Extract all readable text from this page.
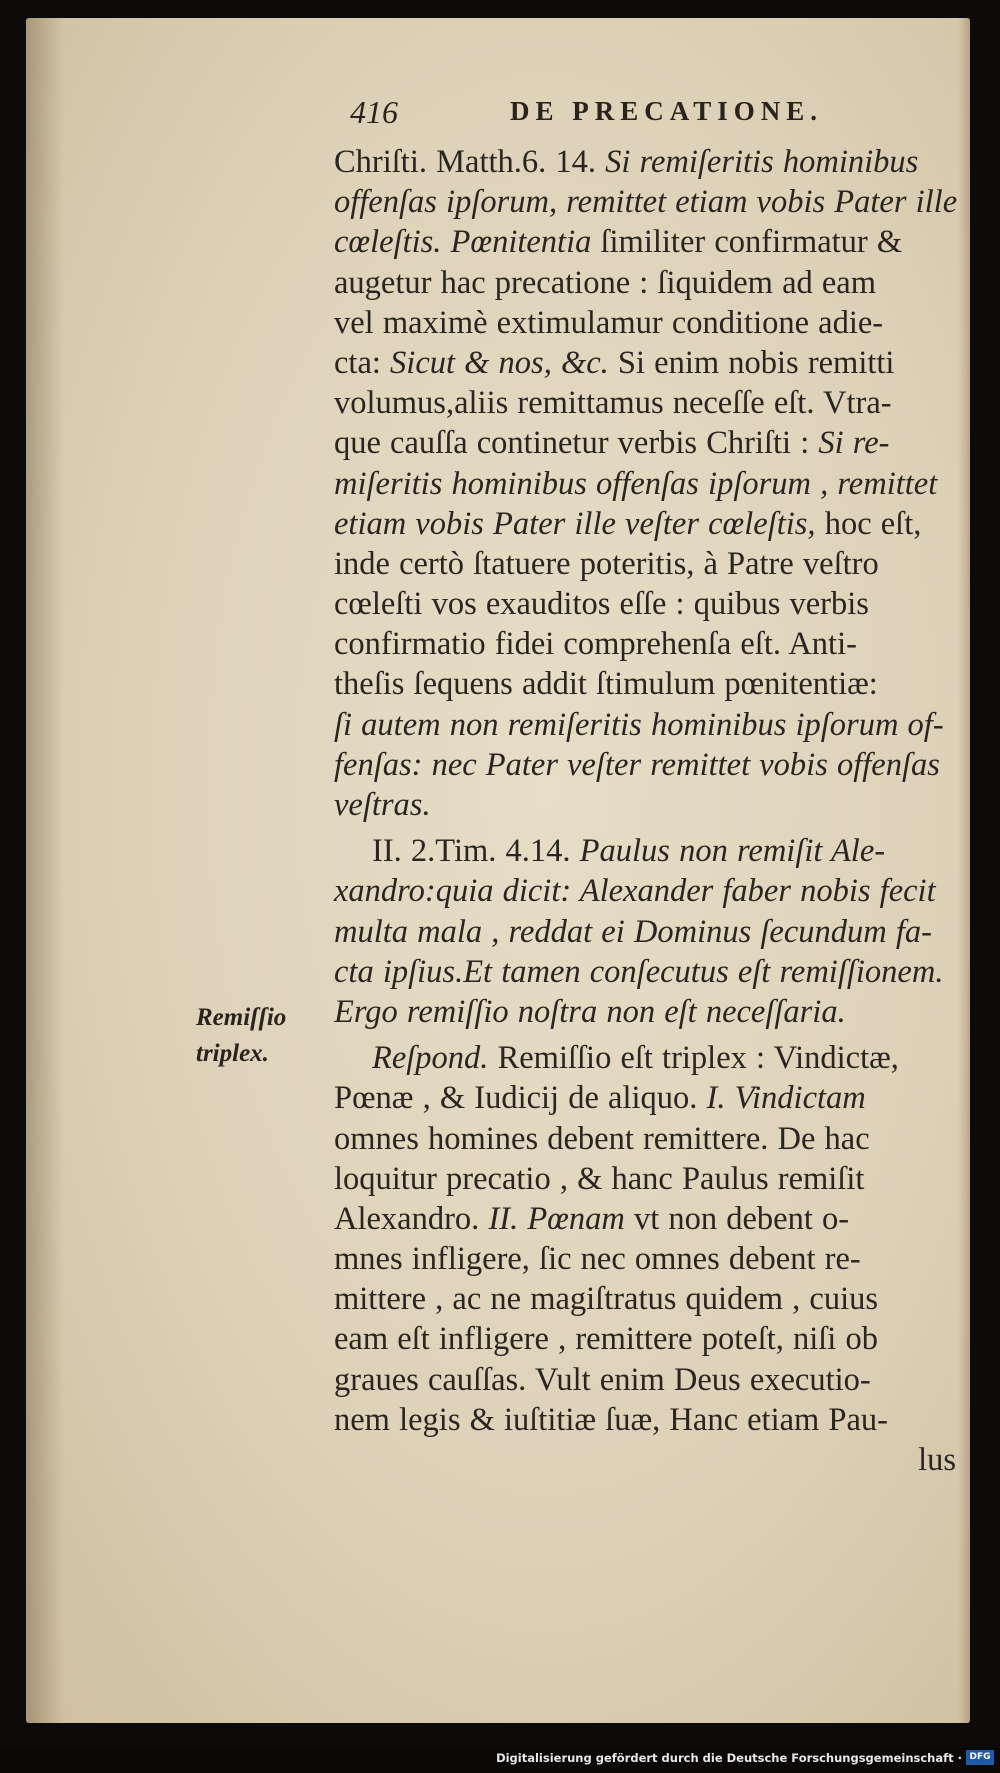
416	DE PRECATIONE.
Remiſſio
triplex.
Chriſti. Matth.6. 14. Si remiſeritis hominibus
offenſas ipſorum, remittet etiam vobis Pater ille
cœleſtis. Pœnitentia ſimiliter confirmatur &
augetur hac precatione : ſiquidem ad eam
vel maximè extimulamur conditione adie-
cta: Sicut & nos, &c. Si enim nobis remitti
volumus,aliis remittamus neceſſe eſt. Vtra-
que cauſſa continetur verbis Chriſti : Si re-
miſeritis hominibus offenſas ipſorum , remittet
etiam vobis Pater ille veſter cœleſtis, hoc eſt,
inde certò ſtatuere poteritis, à Patre veſtro
cœleſti vos exauditos eſſe : quibus verbis
confirmatio fidei comprehenſa eſt. Anti-
theſis ſequens addit ſtimulum pœnitentiæ:
ſi autem non remiſeritis hominibus ipſorum of-
fenſas: nec Pater veſter remittet vobis offenſas
veſtras.
II. 2.Tim. 4.14. Paulus non remiſit Ale-
xandro:quia dicit: Alexander faber nobis fecit
multa mala , reddat ei Dominus ſecundum fa-
cta ipſius.Et tamen conſecutus eſt remiſſionem.
Ergo remiſſio noſtra non eſt neceſſaria.
Reſpond. Remiſſio eſt triplex : Vindictæ,
Pœnæ , & Iudicij de aliquo. I. Vindictam
omnes homines debent remittere. De hac
loquitur precatio , & hanc Paulus remiſit
Alexandro. II. Pœnam vt non debent o-
mnes infligere, ſic nec omnes debent re-
mittere , ac ne magiſtratus quidem , cuius
eam eſt infligere , remittere poteſt, niſi ob
graues cauſſas. Vult enim Deus executio-
nem legis & iuſtitiæ ſuæ, Hanc etiam Pau-
lus
Digitalisierung gefördert durch die Deutsche Forschungsgemeinschaft · DFG
